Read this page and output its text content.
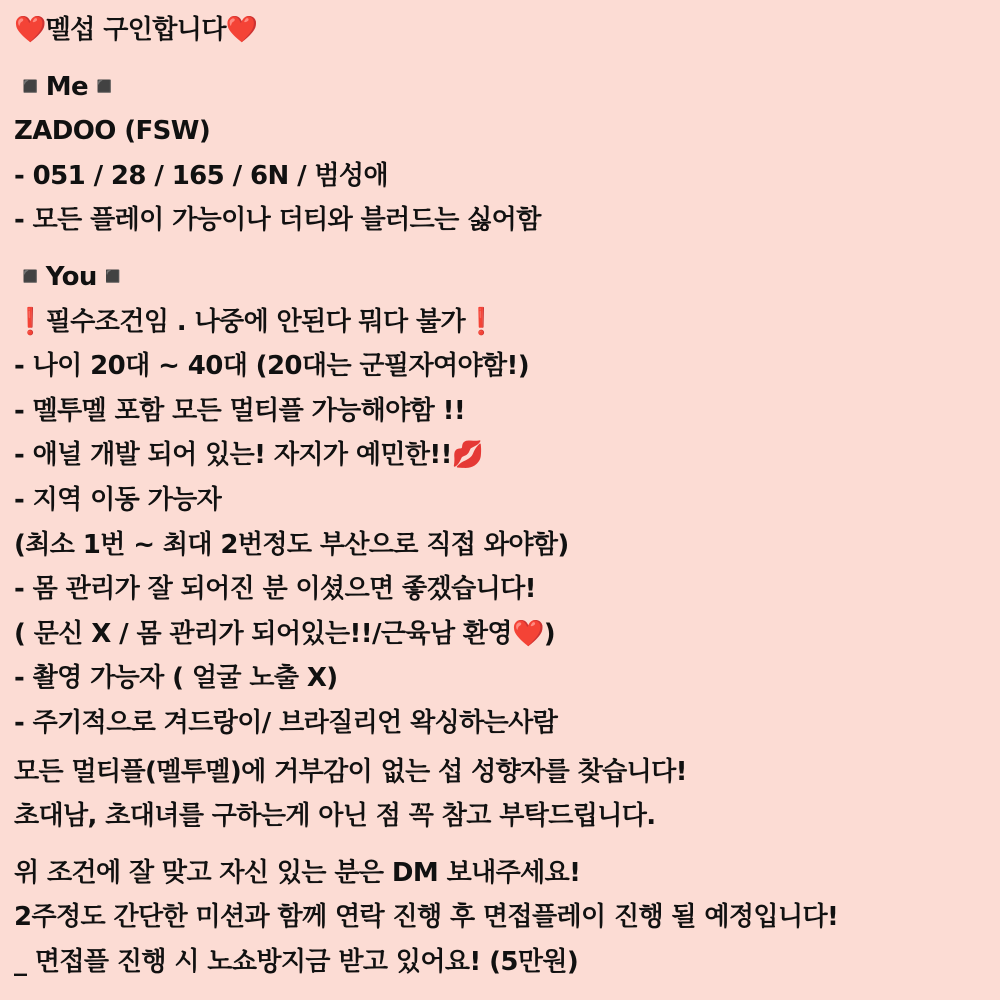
❤️멜섭 구인합니다❤️
◾️Me◾️
ZADOO (FSW)
- 051 / 28 / 165 / 6N / 범성애
- 모든 플레이 가능이나 더티와 블러드는 싫어함
◾️You◾️
❗️필수조건임 . 나중에 안된다 뭐다 불가❗️
- 나이 20대 ~ 40대 (20대는 군필자여야함!)
- 멜투멜 포함 모든 멀티플 가능해야함 !!
- 애널 개발 되어 있는! 자지가 예민한!!💋
- 지역 이동 가능자
(최소 1번 ~ 최대 2번정도 부산으로 직접 와야함)
- 몸 관리가 잘 되어진 분 이셨으면 좋겠습니다!
( 문신 X / 몸 관리가 되어있는!!/근육남 환영❤️)
- 촬영 가능자 ( 얼굴 노출 X)
- 주기적으로 겨드랑이/ 브라질리언 왁싱하는사람
모든 멀티플(멜투멜)에 거부감이 없는 섭 성향자를 찾습니다!
초대남, 초대녀를 구하는게 아닌 점 꼭 참고 부탁드립니다.
위 조건에 잘 맞고 자신 있는 분은 DM 보내주세요!
2주정도 간단한 미션과 함께 연락 진행 후 면접플레이 진행 될 예정입니다!
_ 면접플 진행 시 노쇼방지금 받고 있어요! (5만원)
